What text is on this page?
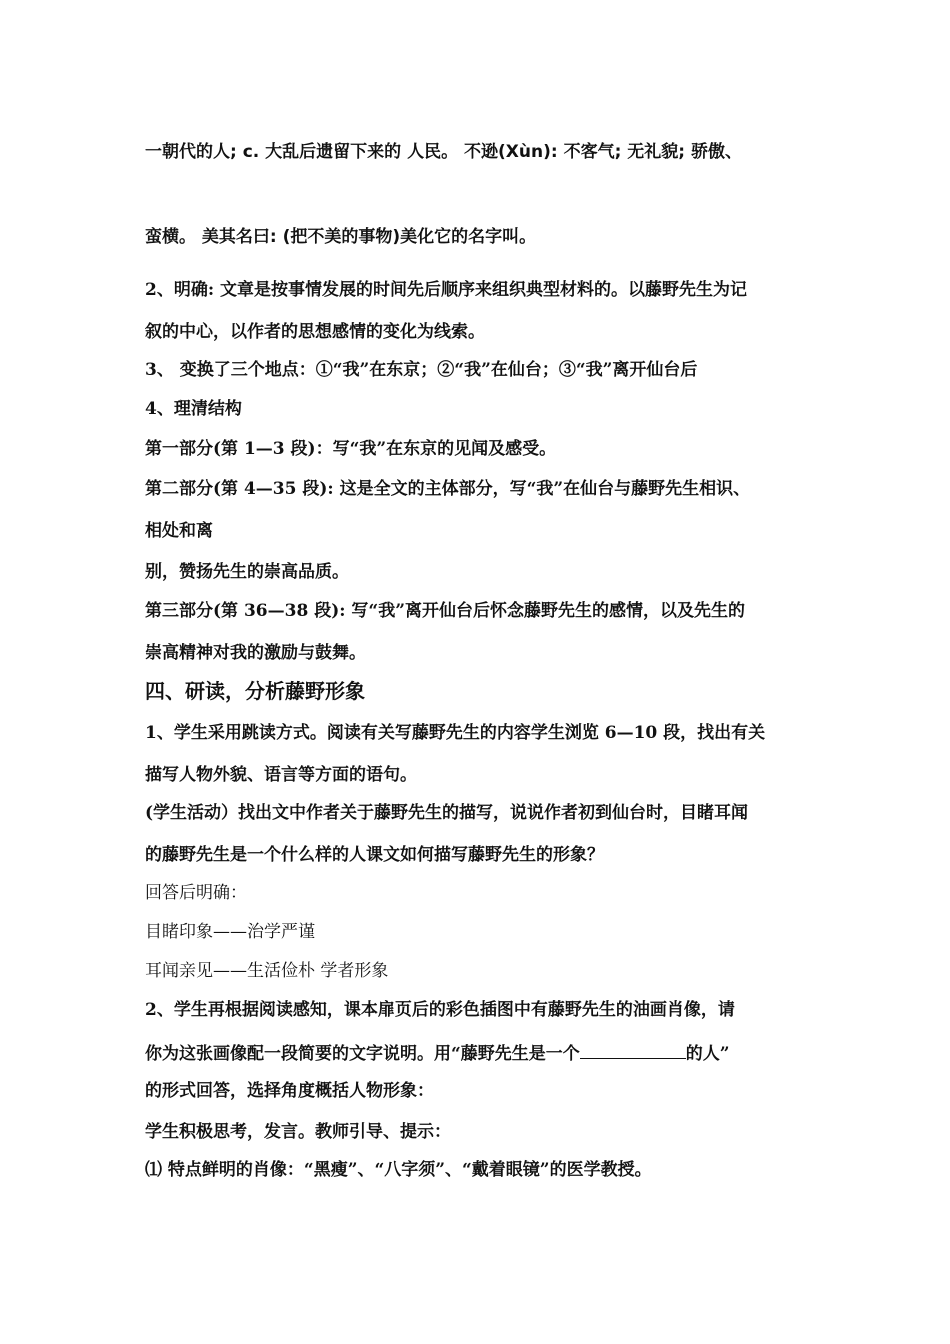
一朝代的人; c. 大乱后遗留下来的 人民。 不逊(Xùn): 不客气; 无礼貌; 骄傲、

蛮横。 美其名曰: (把不美的事物)美化它的名字叫。

2、明确: 文章是按事情发展的时间先后顺序来组织典型材料的。以藤野先生为记

叙的中心，以作者的思想感情的变化为线索。

3、 变换了三个地点：①“我”在东京；②“我”在仙台；③“我”离开仙台后

4、理清结构

第一部分(第 1—3 段)：写“我”在东京的见闻及感受。

第二部分(第 4—35 段): 这是全文的主体部分，写“我”在仙台与藤野先生相识、

相处和离

别，赞扬先生的崇高品质。

第三部分(第 36—38 段): 写“我”离开仙台后怀念藤野先生的感情，以及先生的

崇高精神对我的激励与鼓舞。

四、研读，分析藤野形象

1、学生采用跳读方式。阅读有关写藤野先生的内容学生浏览 6—10 段，找出有关

描写人物外貌、语言等方面的语句。

(学生活动）找出文中作者关于藤野先生的描写，说说作者初到仙台时，目睹耳闻

的藤野先生是一个什么样的人课文如何描写藤野先生的形象？

回答后明确：

目睹印象——治学严谨

耳闻亲见——生活俭朴 学者形象

2、学生再根据阅读感知，课本扉页后的彩色插图中有藤野先生的油画肖像，请

你为这张画像配一段简要的文字说明。用“藤野先生是一个	的人”

的形式回答，选择角度概括人物形象：

学生积极思考，发言。教师引导、提示：

⑴ 特点鲜明的肖像：“黑瘦”、“八字须”、“戴着眼镜”的医学教授。
